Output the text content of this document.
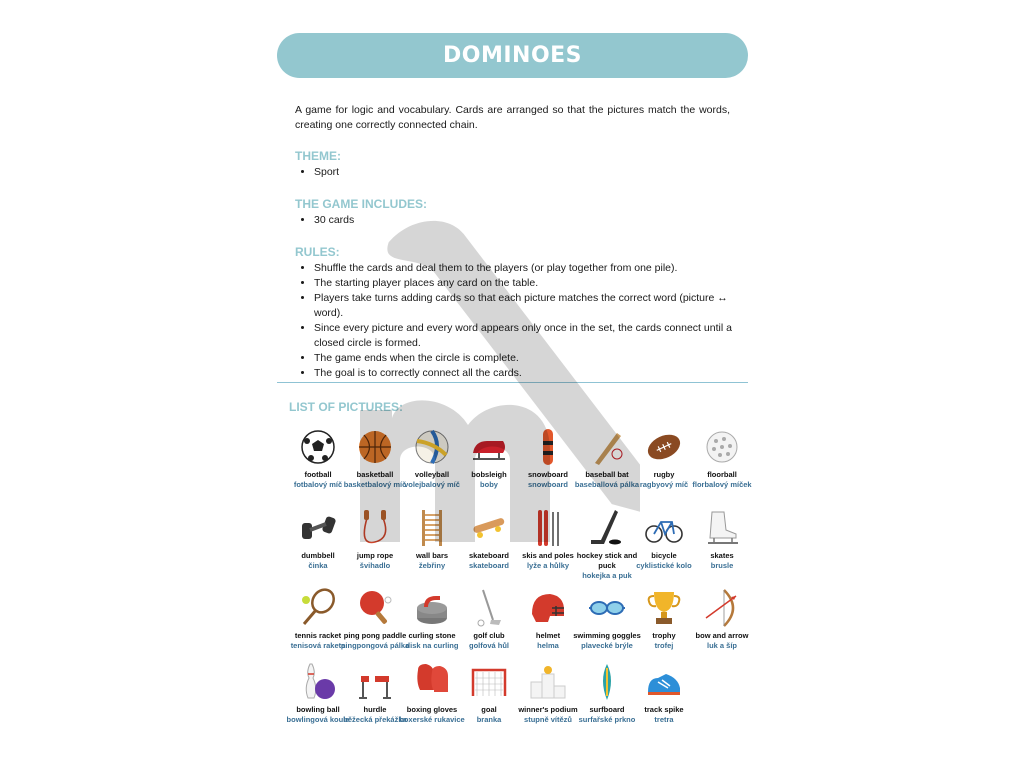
DOMINOES

A game for logic and vocabulary. Cards are arranged so that the pictures match the words, creating one correctly connected chain.

THEME:
• Sport
THE GAME INCLUDES:
• 30 cards
RULES:
• Shuffle the cards and deal them to the players (or play together from one pile).
• The starting player places any card on the table.
• Players take turns adding cards so that each picture matches the correct word (picture ↔ word).
• Since every picture and every word appears only once in the set, the cards connect until a closed circle is formed.
• The game ends when the circle is complete.
• The goal is to correctly connect all the cards.
LIST OF PICTURES:
football
fotbalový míč
basketball
basketbalový míč
volleyball
volejbalový míč
bobsleigh
boby
snowboard
snowboard
baseball bat
baseballová pálka
rugby
ragbyový míč
floorball
florbalový míček
dumbbell
činka
jump rope
švihadlo
wall bars
žebřiny
skateboard
skateboard
skis and poles
lyže a hůlky
hockey stick and puck
hokejka a puk
bicycle
cyklistické kolo
skates
brusle
tennis racket
tenisová raketa
ping pong paddle
pingpongová pálka
curling stone
disk na curling
golf club
golfová hůl
helmet
helma
swimming goggles
plavecké brýle
trophy
trofej
bow and arrow
luk a šíp
bowling ball
bowlingová koule
hurdle
běžecká překážka
boxing gloves
boxerské rukavice
goal
branka
winner's podium
stupně vítězů
surfboard
surfařské prkno
track spike
tretra
